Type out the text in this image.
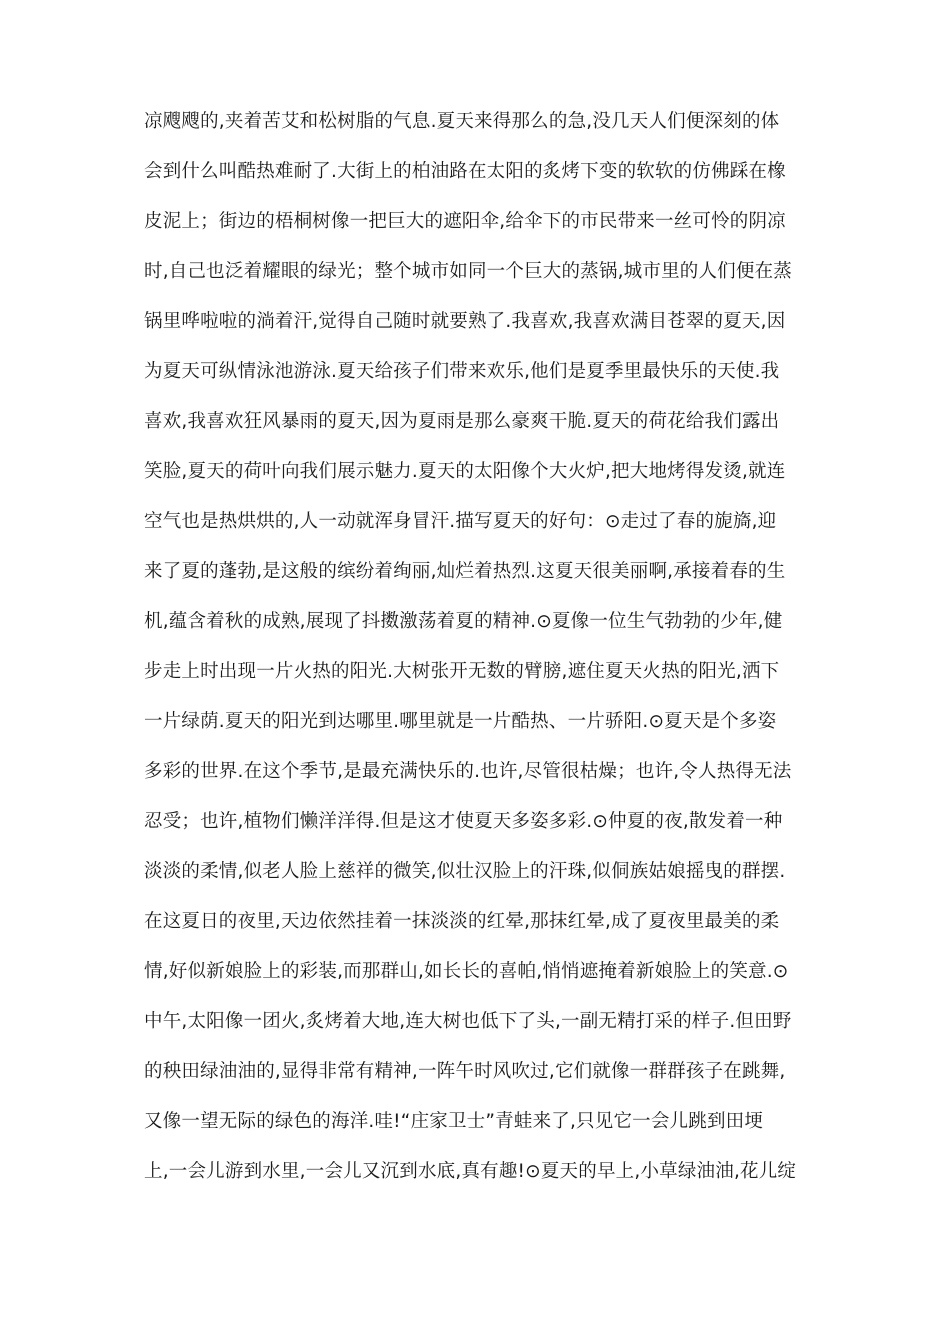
凉飕飕的,夹着苦艾和松树脂的气息.夏天来得那么的急,没几天人们便深刻的体
会到什么叫酷热难耐了.大街上的柏油路在太阳的炙烤下变的软软的仿佛踩在橡
皮泥上；街边的梧桐树像一把巨大的遮阳伞,给伞下的市民带来一丝可怜的阴凉
时,自己也泛着耀眼的绿光；整个城市如同一个巨大的蒸锅,城市里的人们便在蒸
锅里哗啦啦的淌着汗,觉得自己随时就要熟了.我喜欢,我喜欢满目苍翠的夏天,因
为夏天可纵情泳池游泳.夏天给孩子们带来欢乐,他们是夏季里最快乐的天使.我
喜欢,我喜欢狂风暴雨的夏天,因为夏雨是那么豪爽干脆.夏天的荷花给我们露出
笑脸,夏天的荷叶向我们展示魅力.夏天的太阳像个大火炉,把大地烤得发烫,就连
空气也是热烘烘的,人一动就浑身冒汗.描写夏天的好句：⊙走过了春的旎旖,迎
来了夏的蓬勃,是这般的缤纷着绚丽,灿烂着热烈.这夏天很美丽啊,承接着春的生
机,蕴含着秋的成熟,展现了抖擞激荡着夏的精神.⊙夏像一位生气勃勃的少年,健
步走上时出现一片火热的阳光.大树张开无数的臂膀,遮住夏天火热的阳光,洒下
一片绿荫.夏天的阳光到达哪里.哪里就是一片酷热、一片骄阳.⊙夏天是个多姿
多彩的世界.在这个季节,是最充满快乐的.也许,尽管很枯燥；也许,令人热得无法
忍受；也许,植物们懒洋洋得.但是这才使夏天多姿多彩.⊙仲夏的夜,散发着一种
淡淡的柔情,似老人脸上慈祥的微笑,似壮汉脸上的汗珠,似侗族姑娘摇曳的群摆.
在这夏日的夜里,天边依然挂着一抹淡淡的红晕,那抹红晕,成了夏夜里最美的柔
情,好似新娘脸上的彩装,而那群山,如长长的喜帕,悄悄遮掩着新娘脸上的笑意.⊙
中午,太阳像一团火,炙烤着大地,连大树也低下了头,一副无精打采的样子.但田野
的秧田绿油油的,显得非常有精神,一阵午时风吹过,它们就像一群群孩子在跳舞,
又像一望无际的绿色的海洋.哇!“庄家卫士”青蛙来了,只见它一会儿跳到田埂
上,一会儿游到水里,一会儿又沉到水底,真有趣!⊙夏天的早上,小草绿油油,花儿绽
